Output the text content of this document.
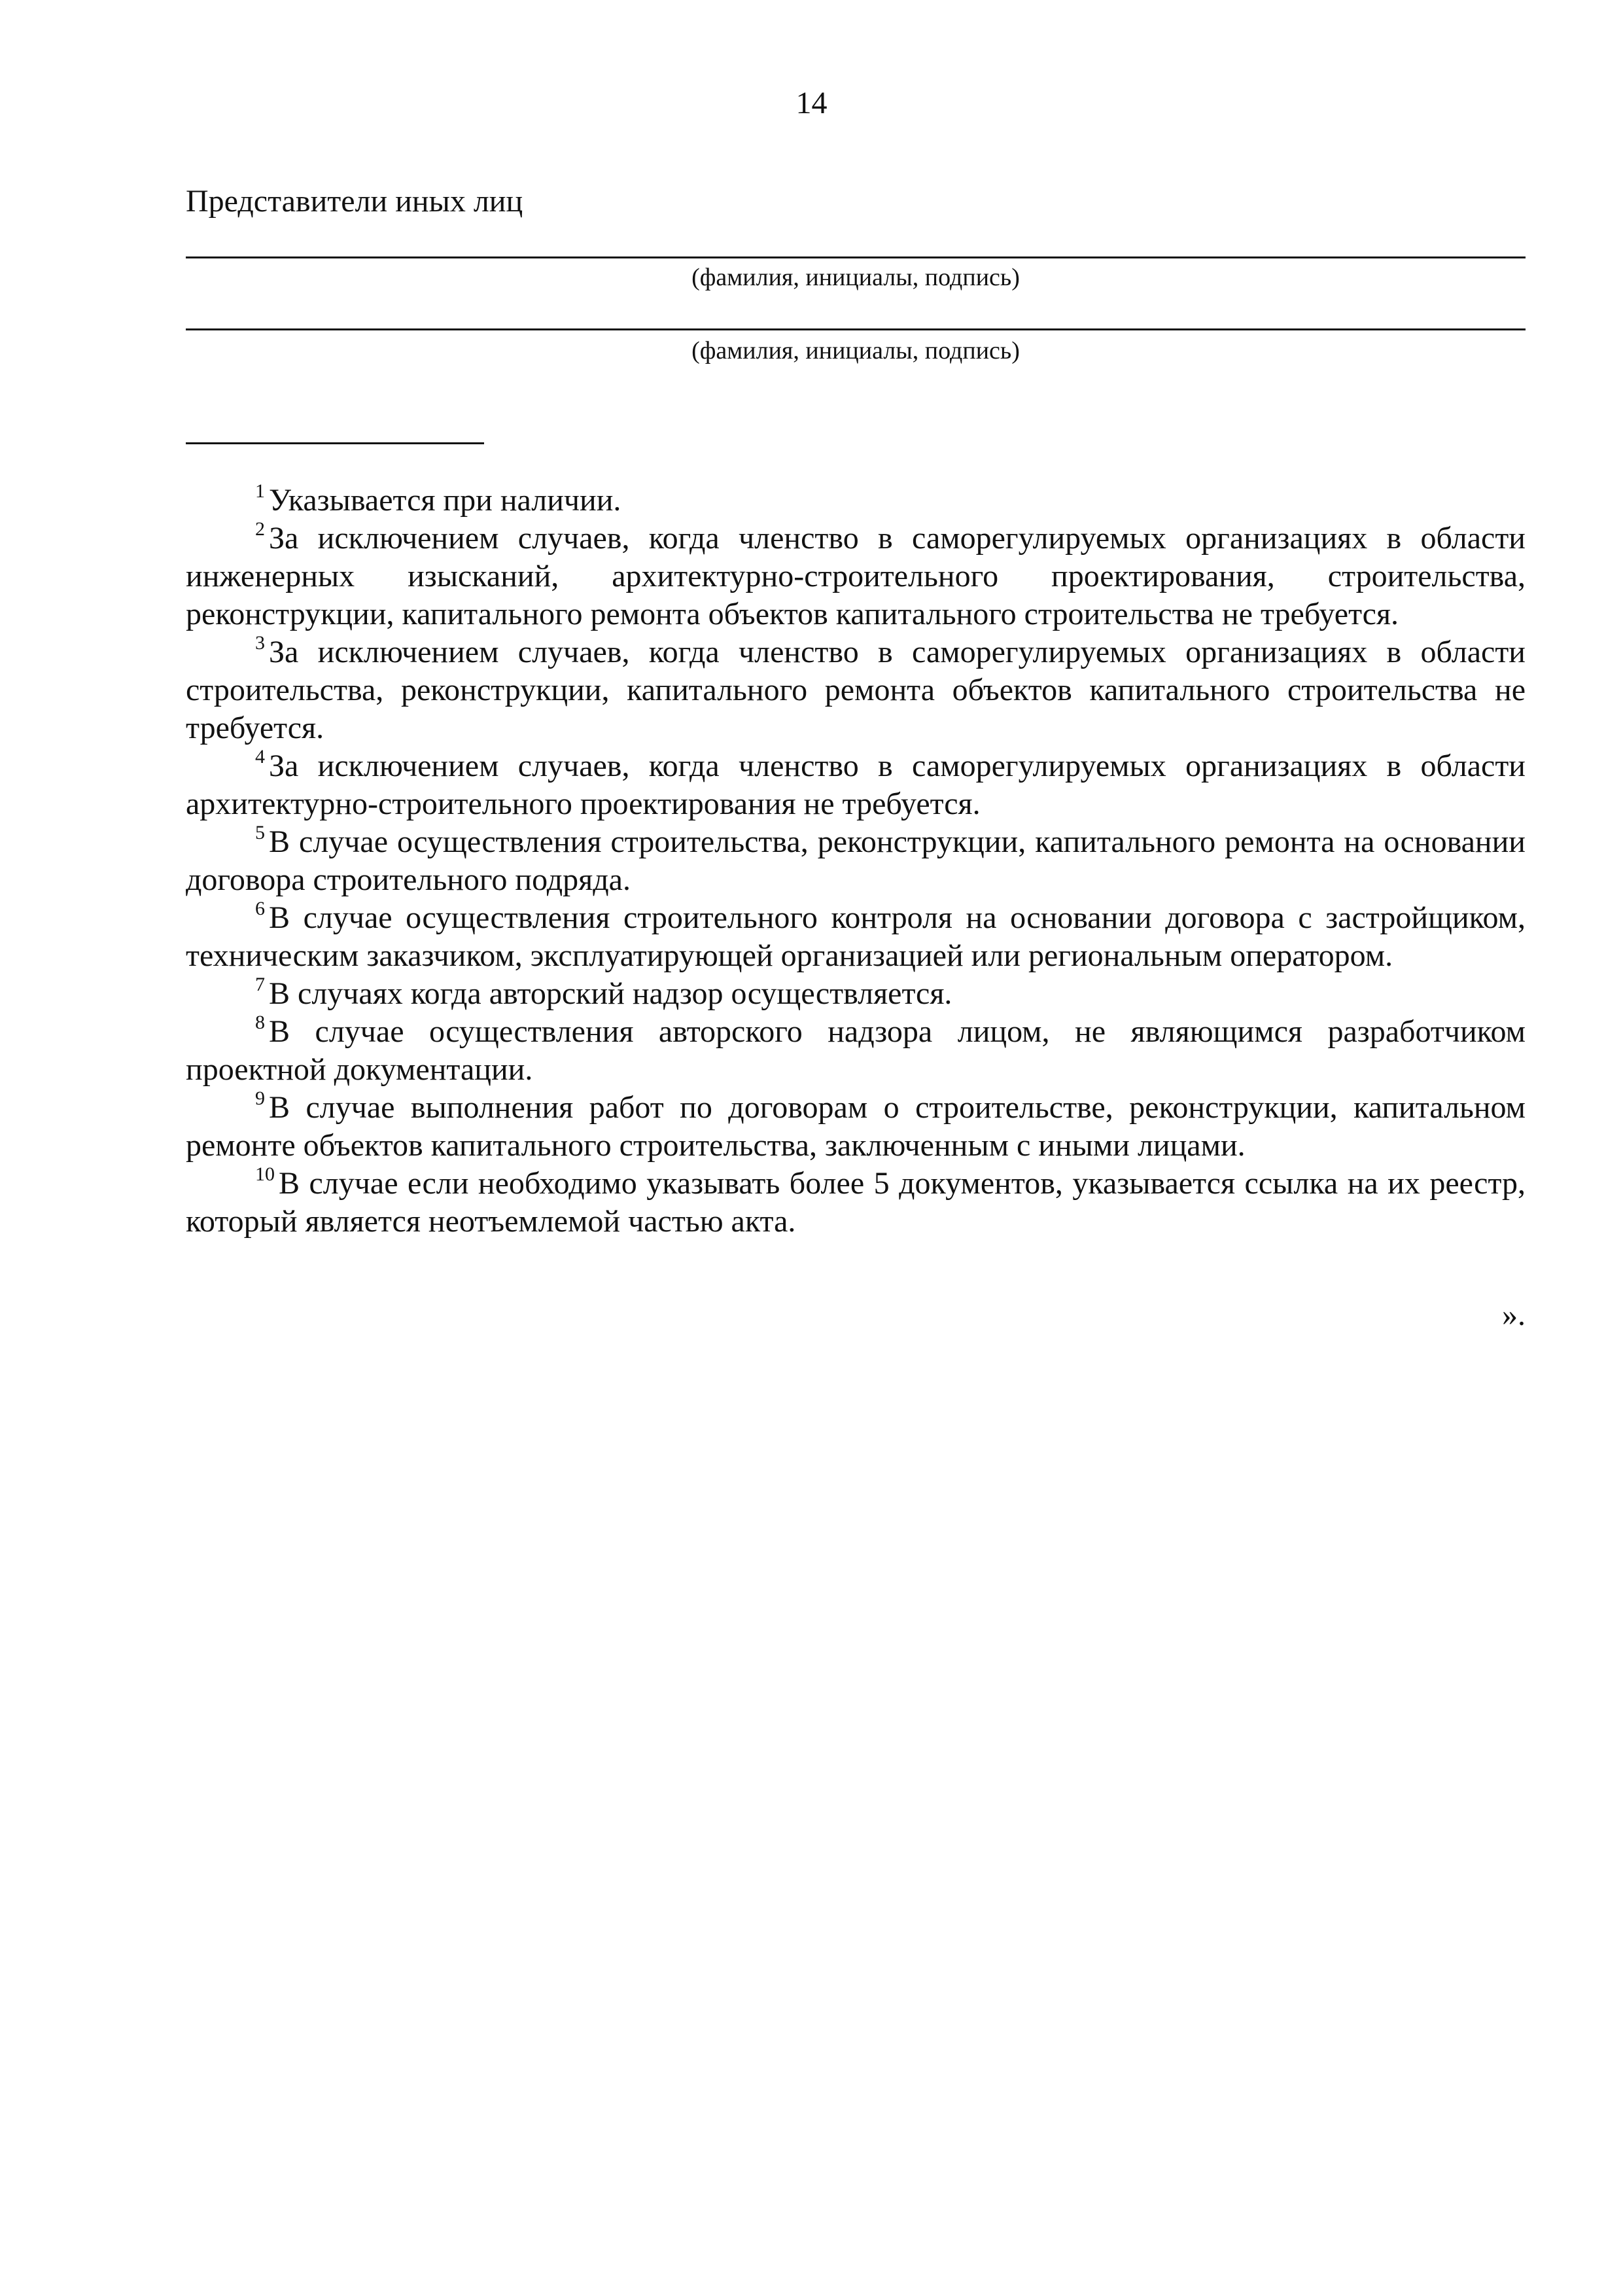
14
Представители иных лиц
(фамилия, инициалы, подпись)
(фамилия, инициалы, подпись)

$^1$ Указывается при наличии.

$^2$ За исключением случаев, когда членство в саморегулируемых организациях в области инженерных изысканий, архитектурно-строительного проектирования, строительства, реконструкции, капитального ремонта объектов капитального строительства не требуется.

$^3$ За исключением случаев, когда членство в саморегулируемых организациях в области строительства, реконструкции, капитального ремонта объектов капитального строительства не требуется.

$^4$ За исключением случаев, когда членство в саморегулируемых организациях в области архитектурно-строительного проектирования не требуется.

$^5$ В случае осуществления строительства, реконструкции, капитального ремонта на основании договора строительного подряда.

$^6$ В случае осуществления строительного контроля на основании договора с застройщиком, техническим заказчиком, эксплуатирующей организацией или региональным оператором.

$^7$ В случаях когда авторский надзор осуществляется.

$^8$ В случае осуществления авторского надзора лицом, не являющимся разработчиком проектной документации.

$^9$ В случае выполнения работ по договорам о строительстве, реконструкции, капитальном ремонте объектов капитального строительства, заключенным с иными лицами.

$^{10}$ В случае если необходимо указывать более 5 документов, указывается ссылка на их реестр, который является неотъемлемой частью акта.

».
